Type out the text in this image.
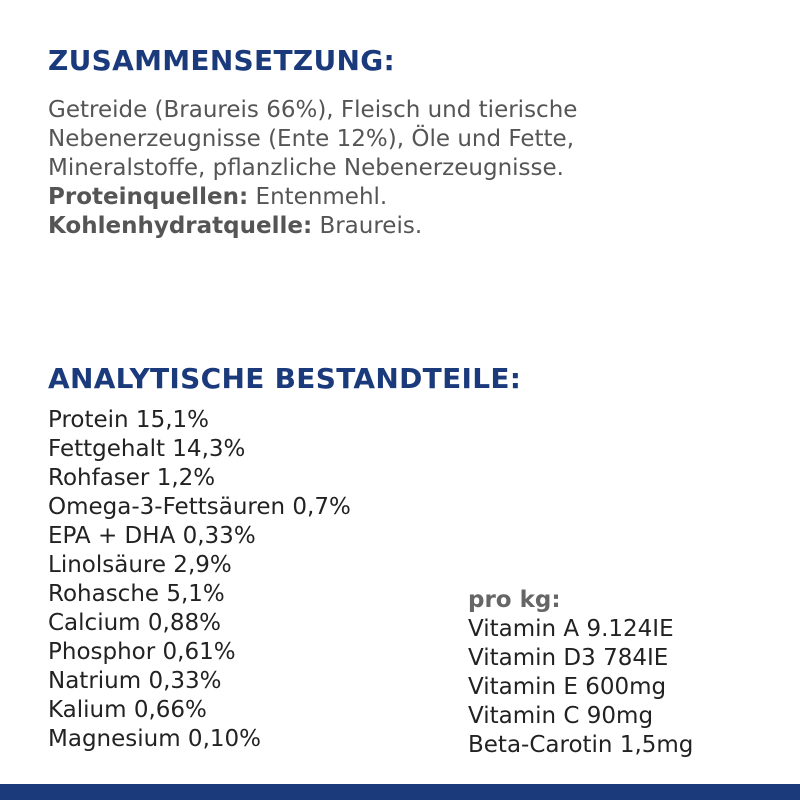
ZUSAMMENSETZUNG:
Getreide (Braureis 66%), Fleisch und tierische
Nebenerzeugnisse (Ente 12%), Öle und Fette,
Mineralstoffe, pflanzliche Nebenerzeugnisse.
Proteinquellen: Entenmehl.
Kohlenhydratquelle: Braureis.
ANALYTISCHE BESTANDTEILE:
Protein 15,1%
Fettgehalt 14,3%
Rohfaser 1,2%
Omega-3-Fettsäuren 0,7%
EPA + DHA 0,33%
Linolsäure 2,9%
Rohasche 5,1%
Calcium 0,88%
Phosphor 0,61%
Natrium 0,33%
Kalium 0,66%
Magnesium 0,10%
pro kg:
Vitamin A 9.124IE
Vitamin D3 784IE
Vitamin E 600mg
Vitamin C 90mg
Beta-Carotin 1,5mg
